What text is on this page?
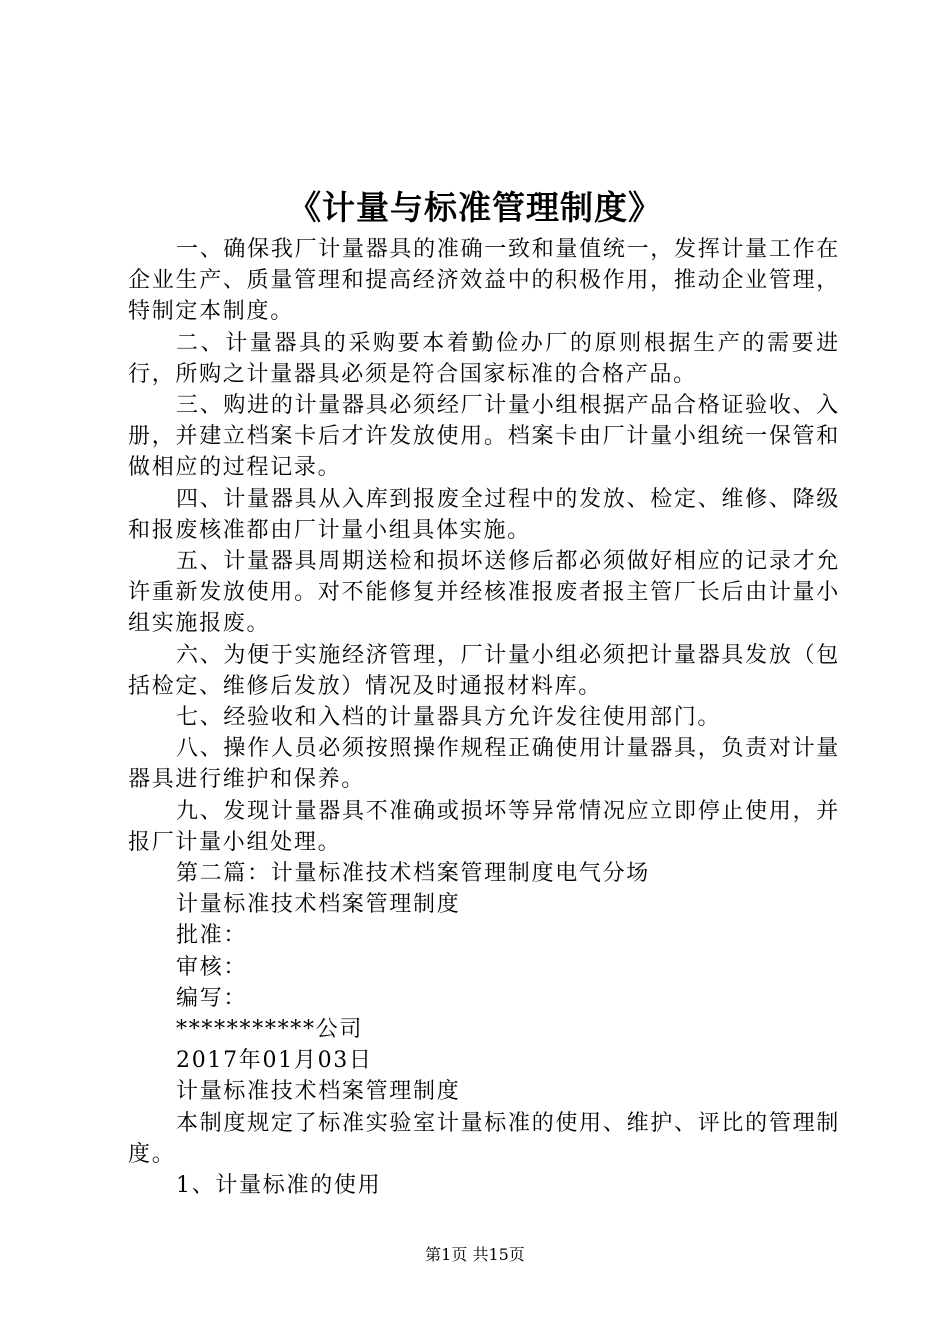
《计量与标准管理制度》

一、确保我厂计量器具的准确一致和量值统一，发挥计量工作在企业生产、质量管理和提高经济效益中的积极作用，推动企业管理，特制定本制度。

二、计量器具的采购要本着勤俭办厂的原则根据生产的需要进行，所购之计量器具必须是符合国家标准的合格产品。

三、购进的计量器具必须经厂计量小组根据产品合格证验收、入册，并建立档案卡后才许发放使用。档案卡由厂计量小组统一保管和做相应的过程记录。

四、计量器具从入库到报废全过程中的发放、检定、维修、降级和报废核准都由厂计量小组具体实施。

五、计量器具周期送检和损坏送修后都必须做好相应的记录才允许重新发放使用。对不能修复并经核准报废者报主管厂长后由计量小组实施报废。

六、为便于实施经济管理，厂计量小组必须把计量器具发放（包括检定、维修后发放）情况及时通报材料库。

七、经验收和入档的计量器具方允许发往使用部门。

八、操作人员必须按照操作规程正确使用计量器具，负责对计量器具进行维护和保养。

九、发现计量器具不准确或损坏等异常情况应立即停止使用，并报厂计量小组处理。

第二篇：计量标准技术档案管理制度电气分场

计量标准技术档案管理制度

批准：

审核：

编写：

***********公司

2017年01月03日

计量标准技术档案管理制度

本制度规定了标准实验室计量标准的使用、维护、评比的管理制度。

1、计量标准的使用

第1页 共15页
